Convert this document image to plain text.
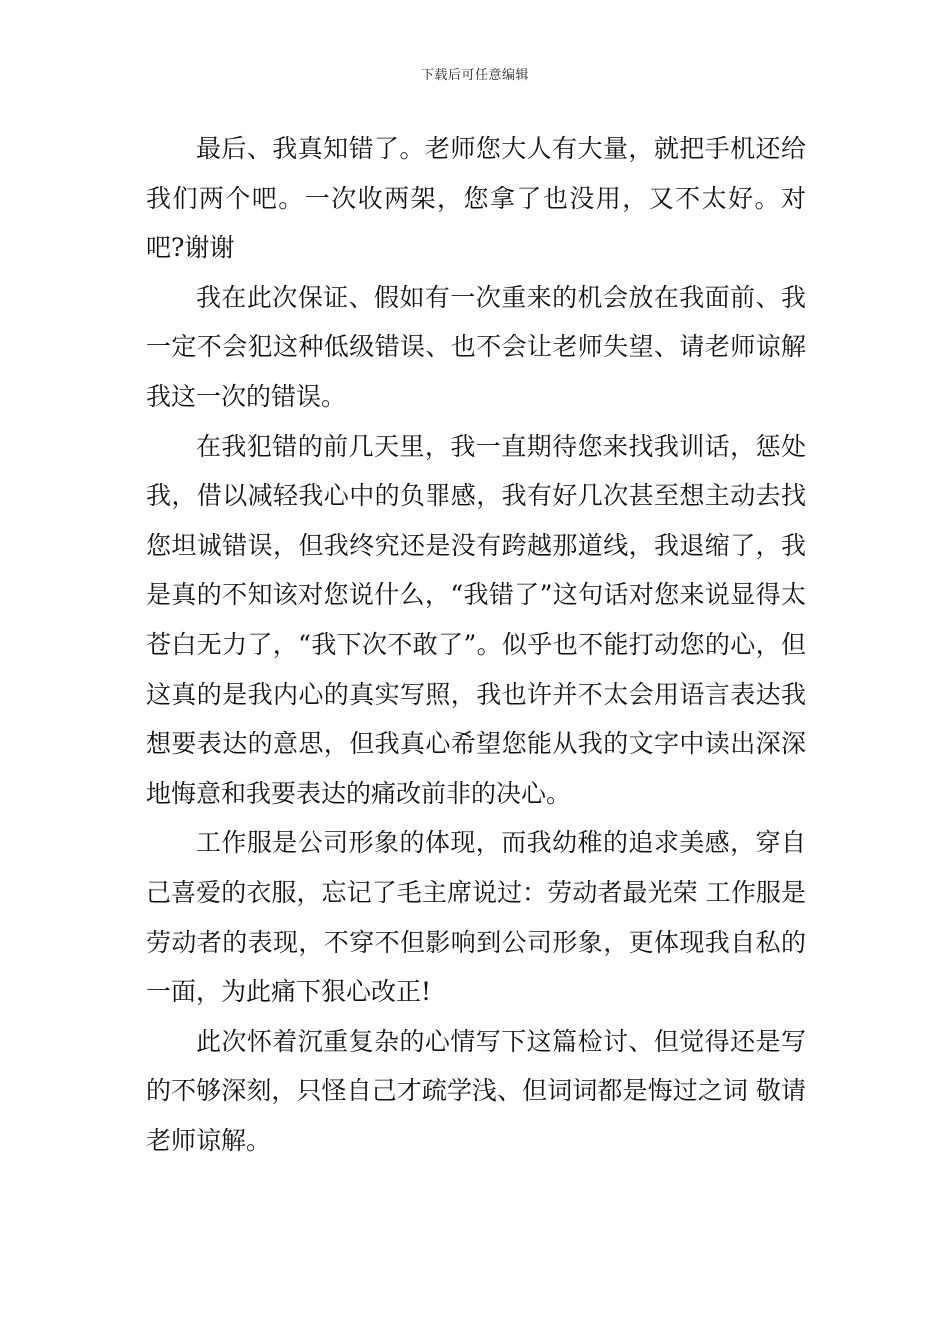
下载后可任意编辑

最后、我真知错了。老师您大人有大量，就把手机还给我们两个吧。一次收两架，您拿了也没用，又不太好。对吧?谢谢

我在此次保证、假如有一次重来的机会放在我面前、我一定不会犯这种低级错误、也不会让老师失望、请老师谅解我这一次的错误。

在我犯错的前几天里，我一直期待您来找我训话，惩处我，借以减轻我心中的负罪感，我有好几次甚至想主动去找您坦诚错误，但我终究还是没有跨越那道线，我退缩了，我是真的不知该对您说什么，“我错了”这句话对您来说显得太苍白无力了，“我下次不敢了”。似乎也不能打动您的心，但这真的是我内心的真实写照，我也许并不太会用语言表达我想要表达的意思，但我真心希望您能从我的文字中读出深深地悔意和我要表达的痛改前非的决心。

工作服是公司形象的体现，而我幼稚的追求美感，穿自己喜爱的衣服，忘记了毛主席说过：劳动者最光荣 工作服是劳动者的表现，不穿不但影响到公司形象，更体现我自私的一面，为此痛下狠心改正!

此次怀着沉重复杂的心情写下这篇检讨、但觉得还是写的不够深刻，只怪自己才疏学浅、但词词都是悔过之词 敬请老师谅解。
